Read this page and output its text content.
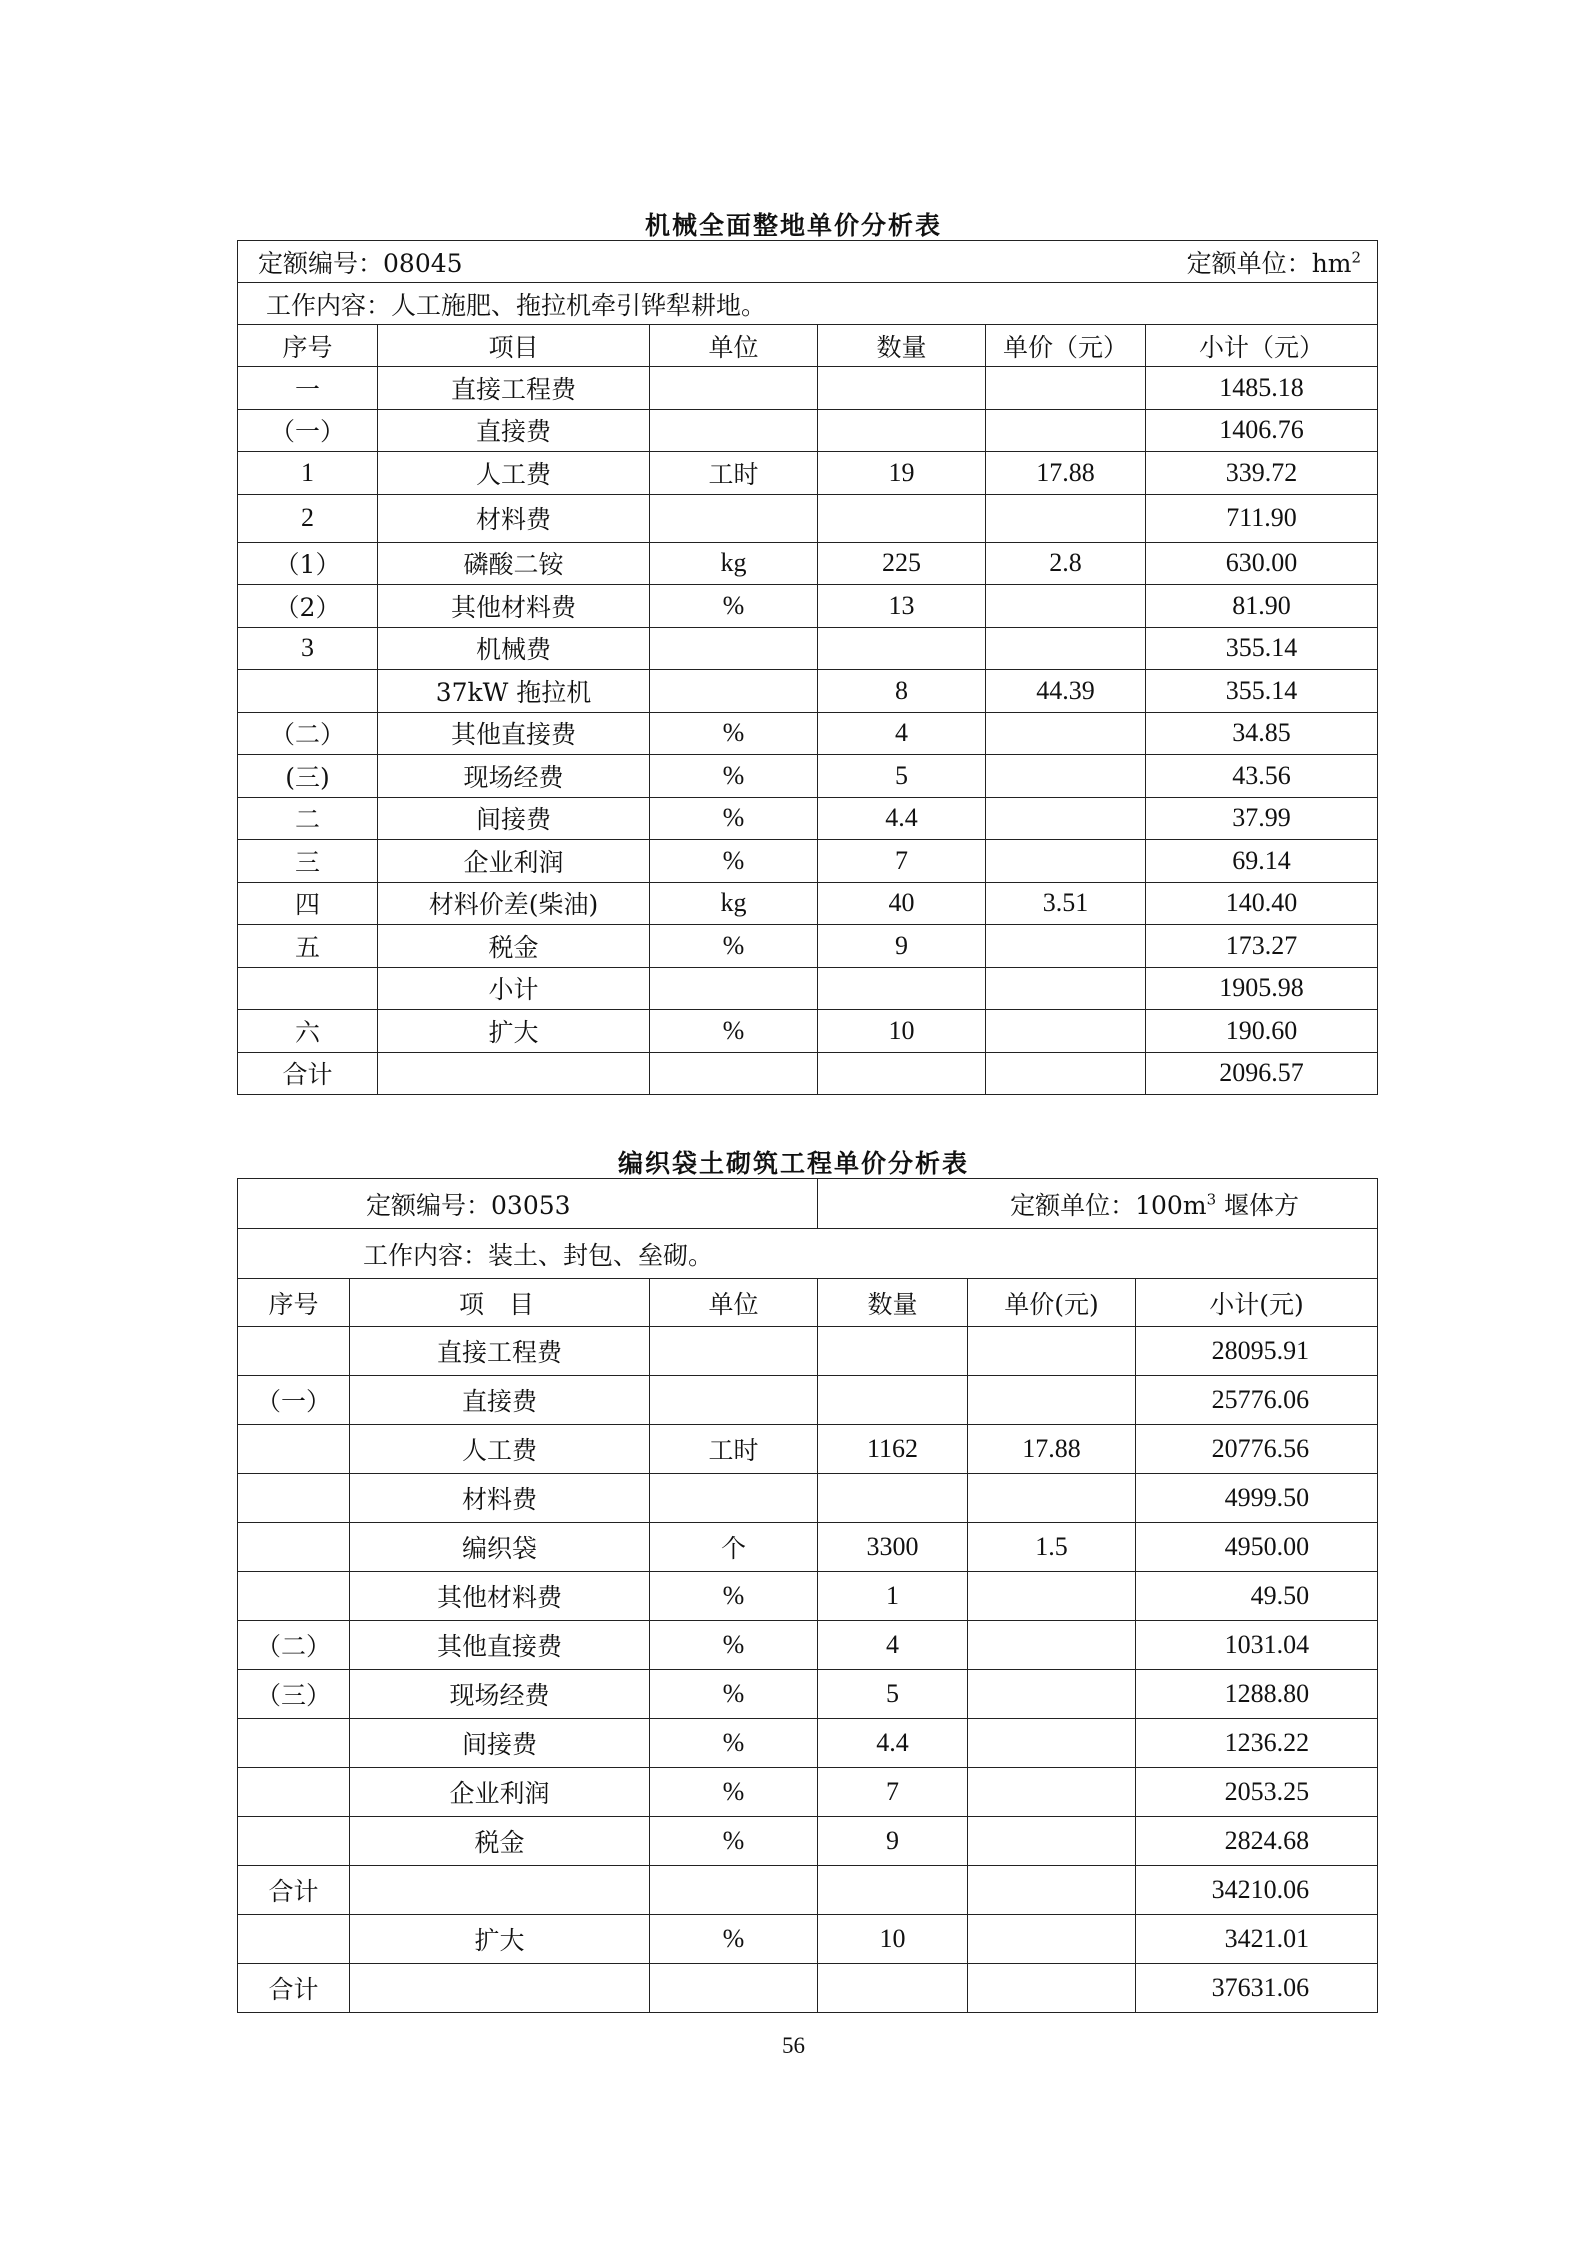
机械全面整地单价分析表
定额编号：08045 定额单位：$hm^2$

工作内容：人工施肥、拖拉机牵引铧犁耕地。					
序号	项目	单位	数量	单价（元）	小计（元）
一	直接工程费				1485.18
（一）	直接费				1406.76
1	人工费	工时	19	17.88	339.72
2	材料费				711.90
（1）	磷酸二铵	kg	225	2.8	630.00
（2）	其他材料费	%	13		81.90
3	机械费				355.14
	37kW 拖拉机		8	44.39	355.14
（二）	其他直接费	%	4		34.85
(三)	现场经费	%	5		43.56
二	间接费	%	4.4		37.99
三	企业利润	%	7		69.14
四	材料价差(柴油)	kg	40	3.51	140.40
五	税金	%	9		173.27
	小计				1905.98
六	扩大	%	10		190.60
合计					2096.57
编织袋土砌筑工程单价分析表
定额编号：03053			定额单位：$100m^3$ 堰体方		
工作内容：装土、封包、垒砌。					
序号	项　目	单位	数量	单价(元)	小计(元)
	直接工程费				28095.91
（一）	直接费				25776.06
	人工费	工时	1162	17.88	20776.56
	材料费				4999.50
	编织袋	个	3300	1.5	4950.00
	其他材料费	%	1		49.50
（二）	其他直接费	%	4		1031.04
（三）	现场经费	%	5		1288.80
	间接费	%	4.4		1236.22
	企业利润	%	7		2053.25
	税金	%	9		2824.68
合计					34210.06
	扩大	%	10		3421.01
合计					37631.06
56
